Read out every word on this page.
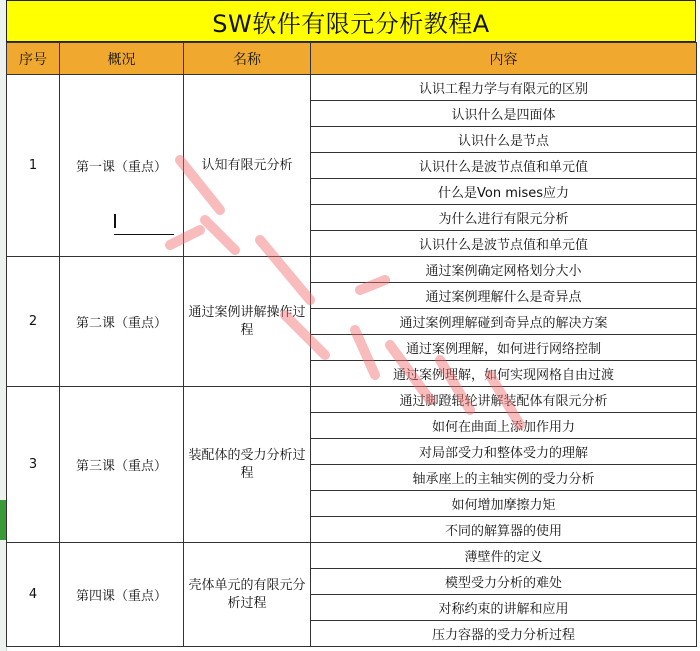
SW软件有限元分析教程A
序号	概况	名称	内容
1	第一课（重点）	认知有限元分析	认识工程力学与有限元的区别
			认识什么是四面体
			认识什么是节点
			认识什么是波节点值和单元值
			什么是Von mises应力
			为什么进行有限元分析
			认识什么是波节点值和单元值
2	第二课（重点）	通过案例讲解操作过程	通过案例确定网格划分大小
			通过案例理解什么是奇异点
			通过案例理解碰到奇异点的解决方案
			通过案例理解，如何进行网络控制
			通过案例理解，如何实现网格自由过渡
3	第三课（重点）	装配体的受力分析过程	通过脚蹬辊轮讲解装配体有限元分析
			如何在曲面上添加作用力
			对局部受力和整体受力的理解
			轴承座上的主轴实例的受力分析
			如何增加摩擦力矩
			不同的解算器的使用
4	第四课（重点）	壳体单元的有限元分析过程	薄壁件的定义
			模型受力分析的难处
			对称约束的讲解和应用
			压力容器的受力分析过程
